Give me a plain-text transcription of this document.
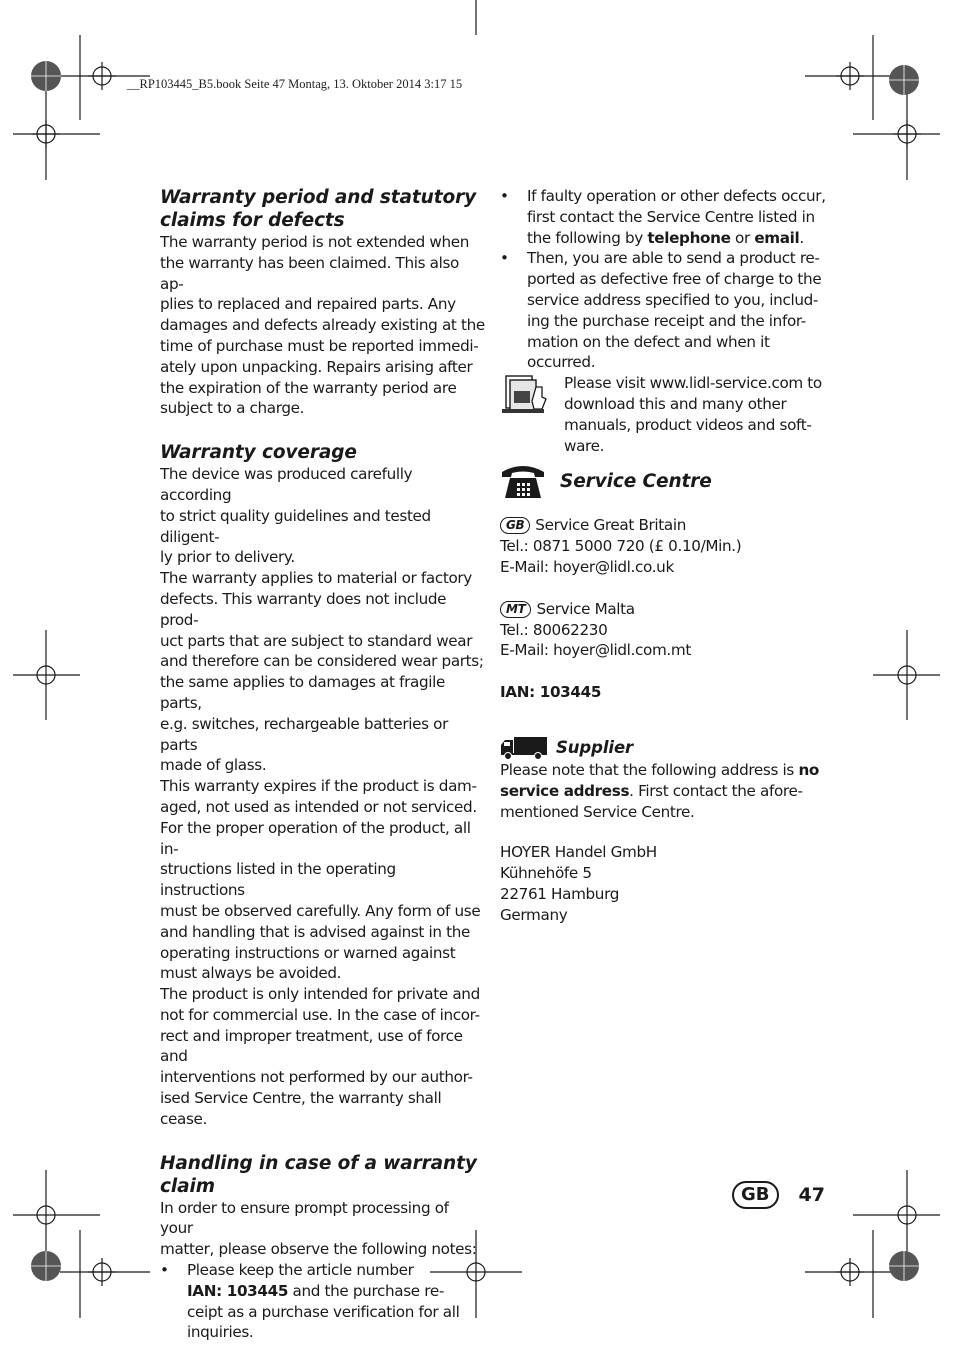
__RP103445_B5.book Seite 47 Montag, 13. Oktober 2014 3:17 15
Warranty period and statutory claims for defects
The warranty period is not extended when
the warranty has been claimed. This also ap-
plies to replaced and repaired parts. Any
damages and defects already existing at the
time of purchase must be reported immedi-
ately upon unpacking. Repairs arising after
the expiration of the warranty period are
subject to a charge.
Warranty coverage
The device was produced carefully according
to strict quality guidelines and tested diligent-
ly prior to delivery.
The warranty applies to material or factory
defects. This warranty does not include prod-
uct parts that are subject to standard wear
and therefore can be considered wear parts;
the same applies to damages at fragile parts,
e.g. switches, rechargeable batteries or parts
made of glass.
This warranty expires if the product is dam-
aged, not used as intended or not serviced.
For the proper operation of the product, all in-
structions listed in the operating instructions
must be observed carefully. Any form of use
and handling that is advised against in the
operating instructions or warned against
must always be avoided.
The product is only intended for private and
not for commercial use. In the case of incor-
rect and improper treatment, use of force and
interventions not performed by our author-
ised Service Centre, the warranty shall cease.
Handling in case of a warranty claim
In order to ensure prompt processing of your
matter, please observe the following notes:
• Please keep the article number
IAN: 103445 and the purchase re-
ceipt as a purchase verification for all
inquiries.
• If faulty operation or other defects occur,
first contact the Service Centre listed in
the following by telephone or email.
• Then, you are able to send a product re-
ported as defective free of charge to the
service address specified to you, includ-
ing the purchase receipt and the infor-
mation on the defect and when it
occurred.
Please visit www.lidl-service.com to
download this and many other
manuals, product videos and soft-
ware.
Service Centre
GB Service Great Britain
Tel.: 0871 5000 720 (£ 0.10/Min.)
E-Mail: hoyer@lidl.co.uk
MT Service Malta
Tel.: 80062230
E-Mail: hoyer@lidl.com.mt
IAN: 103445
Supplier
Please note that the following address is no
service address. First contact the afore-
mentioned Service Centre.
HOYER Handel GmbH
Kühnehöfe 5
22761 Hamburg
Germany
GB	47
